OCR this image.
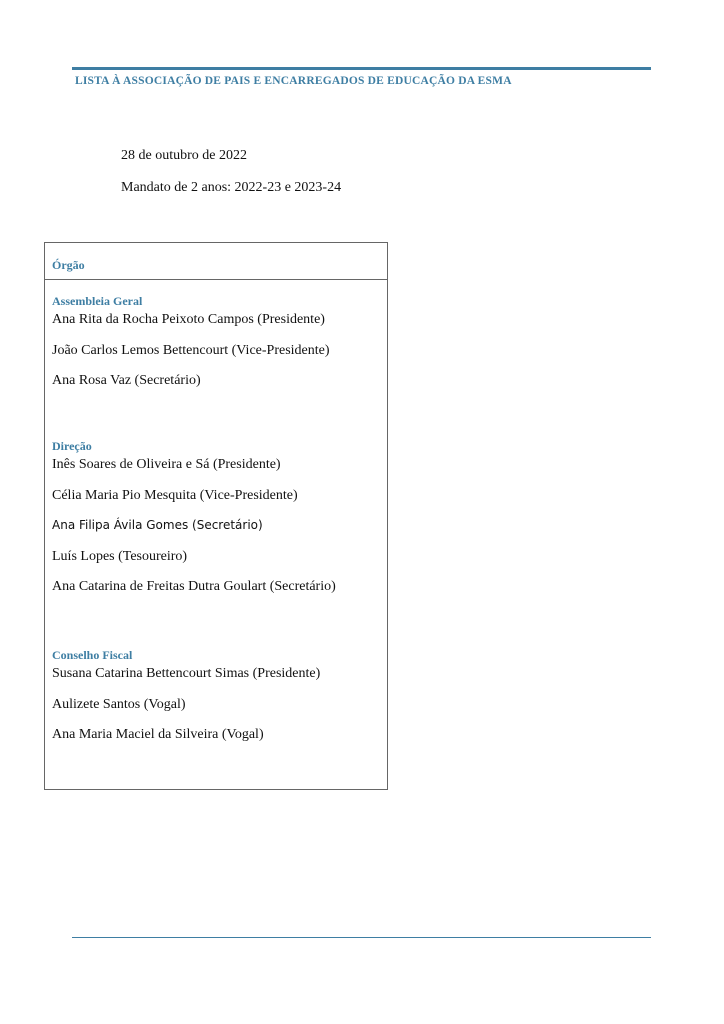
LISTA À ASSOCIAÇÃO DE PAIS E ENCARREGADOS DE EDUCAÇÃO DA ESMA
28 de outubro de 2022
Mandato de 2 anos: 2022-23 e 2023-24
Órgão
Assembleia Geral
Ana Rita da Rocha Peixoto Campos (Presidente)
João Carlos Lemos Bettencourt (Vice-Presidente)
Ana Rosa Vaz (Secretário)
Direção
Inês Soares de Oliveira e Sá (Presidente)
Célia Maria Pio Mesquita (Vice-Presidente)
Ana Filipa Ávila Gomes (Secretário)
Luís Lopes (Tesoureiro)
Ana Catarina de Freitas Dutra Goulart (Secretário)
Conselho Fiscal
Susana Catarina Bettencourt Simas (Presidente)
Aulizete Santos (Vogal)
Ana Maria Maciel da Silveira (Vogal)
